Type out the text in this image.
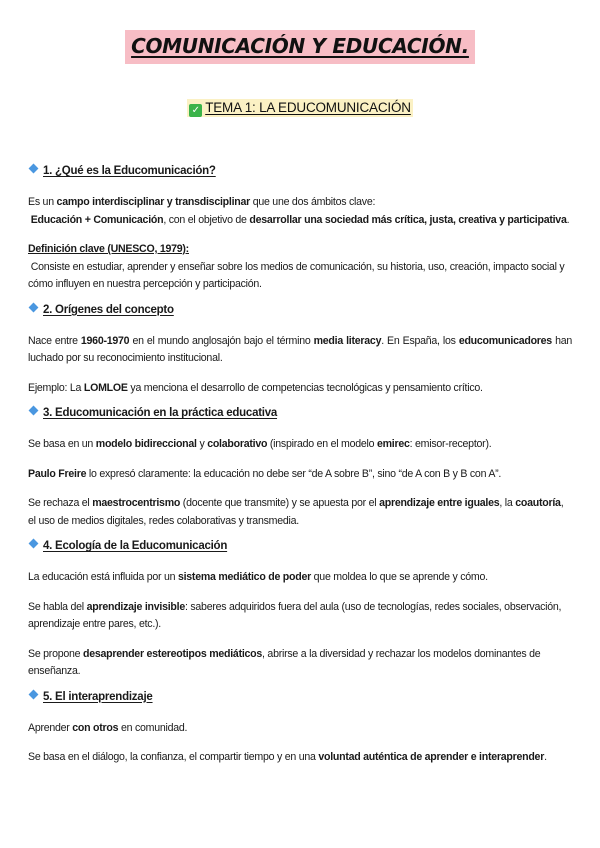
COMUNICACIÓN Y EDUCACIÓN.
✓ TEMA 1: LA EDUCOMUNICACIÓN
1. ¿Qué es la Educomunicación?

Es un campo interdisciplinar y transdisciplinar que une dos ámbitos clave:
Educación + Comunicación, con el objetivo de desarrollar una sociedad más crítica, justa, creativa y participativa.

Definición clave (UNESCO, 1979):
Consiste en estudiar, aprender y enseñar sobre los medios de comunicación, su historia, uso, creación, impacto social y cómo influyen en nuestra percepción y participación.

2. Orígenes del concepto

Nace entre 1960-1970 en el mundo anglosajón bajo el término media literacy. En España, los educomunicadores han luchado por su reconocimiento institucional.

Ejemplo: La LOMLOE ya menciona el desarrollo de competencias tecnológicas y pensamiento crítico.

3. Educomunicación en la práctica educativa

Se basa en un modelo bidireccional y colaborativo (inspirado en el modelo emirec: emisor-receptor).

Paulo Freire lo expresó claramente: la educación no debe ser “de A sobre B”, sino “de A con B y B con A”.

Se rechaza el maestrocentrismo (docente que transmite) y se apuesta por el aprendizaje entre iguales, la coautoría, el uso de medios digitales, redes colaborativas y transmedia.

4. Ecología de la Educomunicación

La educación está influida por un sistema mediático de poder que moldea lo que se aprende y cómo.

Se habla del aprendizaje invisible: saberes adquiridos fuera del aula (uso de tecnologías, redes sociales, observación, aprendizaje entre pares, etc.).

Se propone desaprender estereotipos mediáticos, abrirse a la diversidad y rechazar los modelos dominantes de enseñanza.

5. El interaprendizaje

Aprender con otros en comunidad.

Se basa en el diálogo, la confianza, el compartir tiempo y en una voluntad auténtica de aprender e interaprender.
